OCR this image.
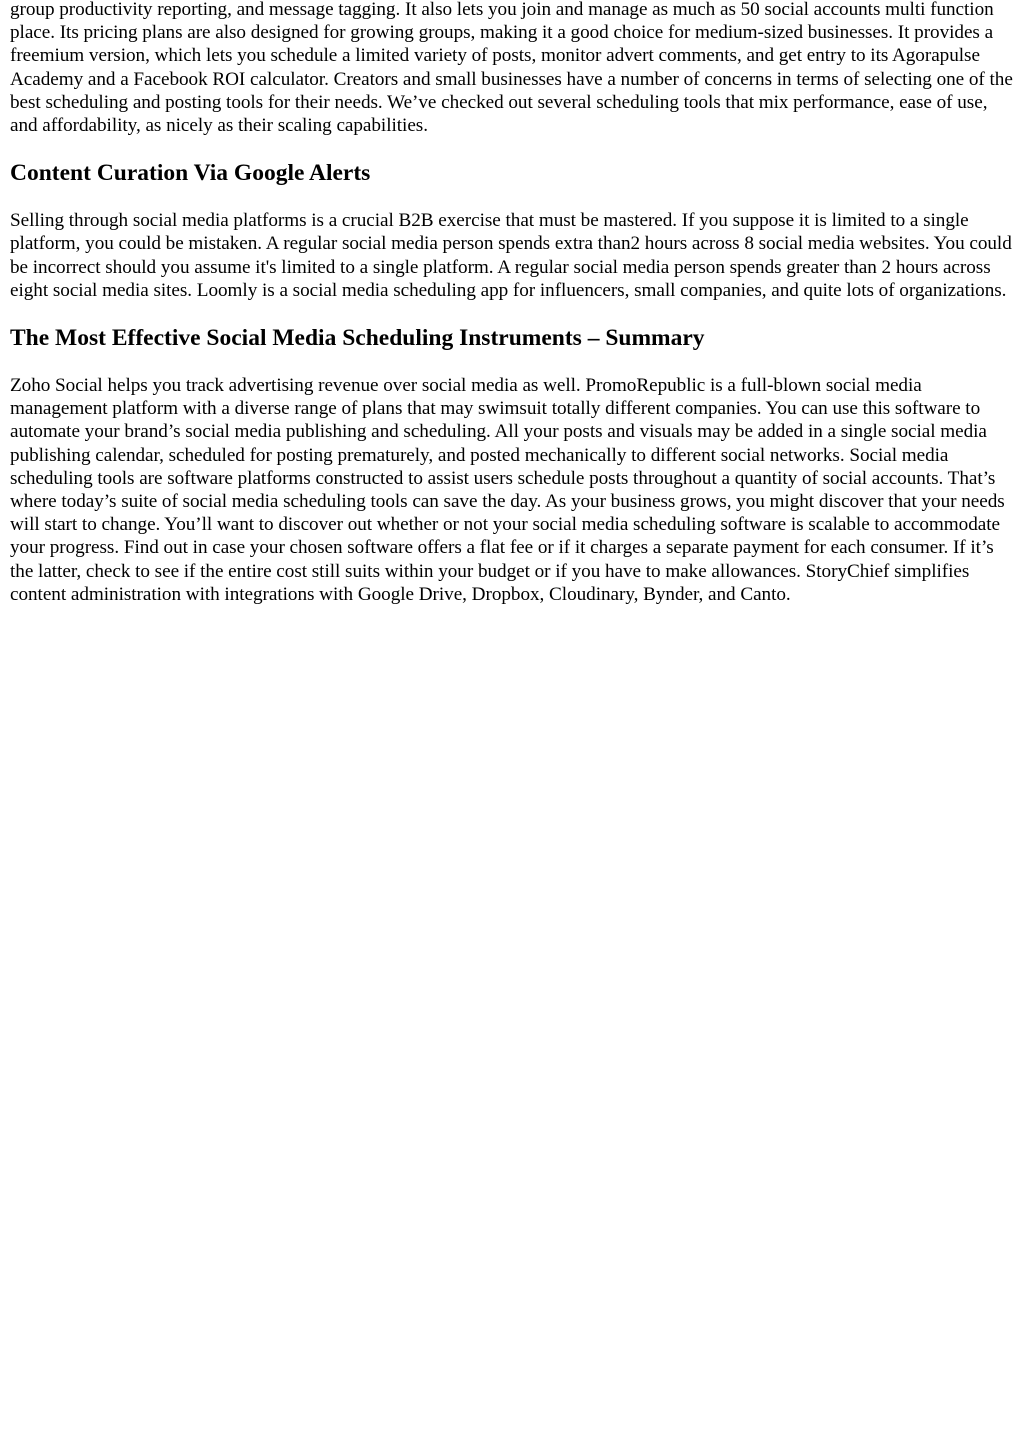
group productivity reporting, and message tagging. It also lets you join and manage as much as 50 social accounts multi function place. Its pricing plans are also designed for growing groups, making it a good choice for medium-sized businesses. It provides a freemium version, which lets you schedule a limited variety of posts, monitor advert comments, and get entry to its Agorapulse Academy and a Facebook ROI calculator. Creators and small businesses have a number of concerns in terms of selecting one of the best scheduling and posting tools for their needs. We’ve checked out several scheduling tools that mix performance, ease of use, and affordability, as nicely as their scaling capabilities.

Content Curation Via Google Alerts

Selling through social media platforms is a crucial B2B exercise that must be mastered. If you suppose it is limited to a single platform, you could be mistaken. A regular social media person spends extra than2 hours across 8 social media websites. You could be incorrect should you assume it's limited to a single platform. A regular social media person spends greater than 2 hours across eight social media sites. Loomly is a social media scheduling app for influencers, small companies, and quite lots of organizations.

The Most Effective Social Media Scheduling Instruments – Summary

Zoho Social helps you track advertising revenue over social media as well. PromoRepublic is a full-blown social media management platform with a diverse range of plans that may swimsuit totally different companies. You can use this software to automate your brand’s social media publishing and scheduling. All your posts and visuals may be added in a single social media publishing calendar, scheduled for posting prematurely, and posted mechanically to different social networks. Social media scheduling tools are software platforms constructed to assist users schedule posts throughout a quantity of social accounts. That’s where today’s suite of social media scheduling tools can save the day. As your business grows, you might discover that your needs will start to change. You’ll want to discover out whether or not your social media scheduling software is scalable to accommodate your progress. Find out in case your chosen software offers a flat fee or if it charges a separate payment for each consumer. If it’s the latter, check to see if the entire cost still suits within your budget or if you have to make allowances. StoryChief simplifies content administration with integrations with Google Drive, Dropbox, Cloudinary, Bynder, and Canto.
